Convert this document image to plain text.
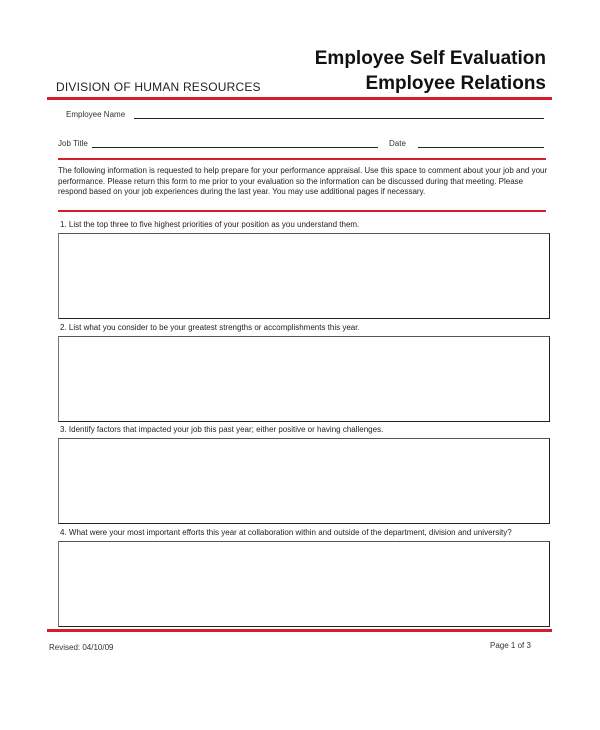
Employee Self Evaluation
Employee Relations
DIVISION OF HUMAN RESOURCES
Employee Name
Job Title	Date

The following information is requested to help prepare for your performance appraisal. Use this space to comment about your job and your performance. Please return this form to me prior to your evaluation so the information can be discussed during that meeting. Please respond based on your job experiences during the last year. You may use additional pages if necessary.

1. List the top three to five highest priorities of your position as you understand them.
2. List what you consider to be your greatest strengths or accomplishments this year.
3. Identify factors that impacted your job this past year; either positive or having challenges.
4. What were your most important efforts this year at collaboration within and outside of the department, division and university?
Revised: 04/10/09	Page 1 of 3
